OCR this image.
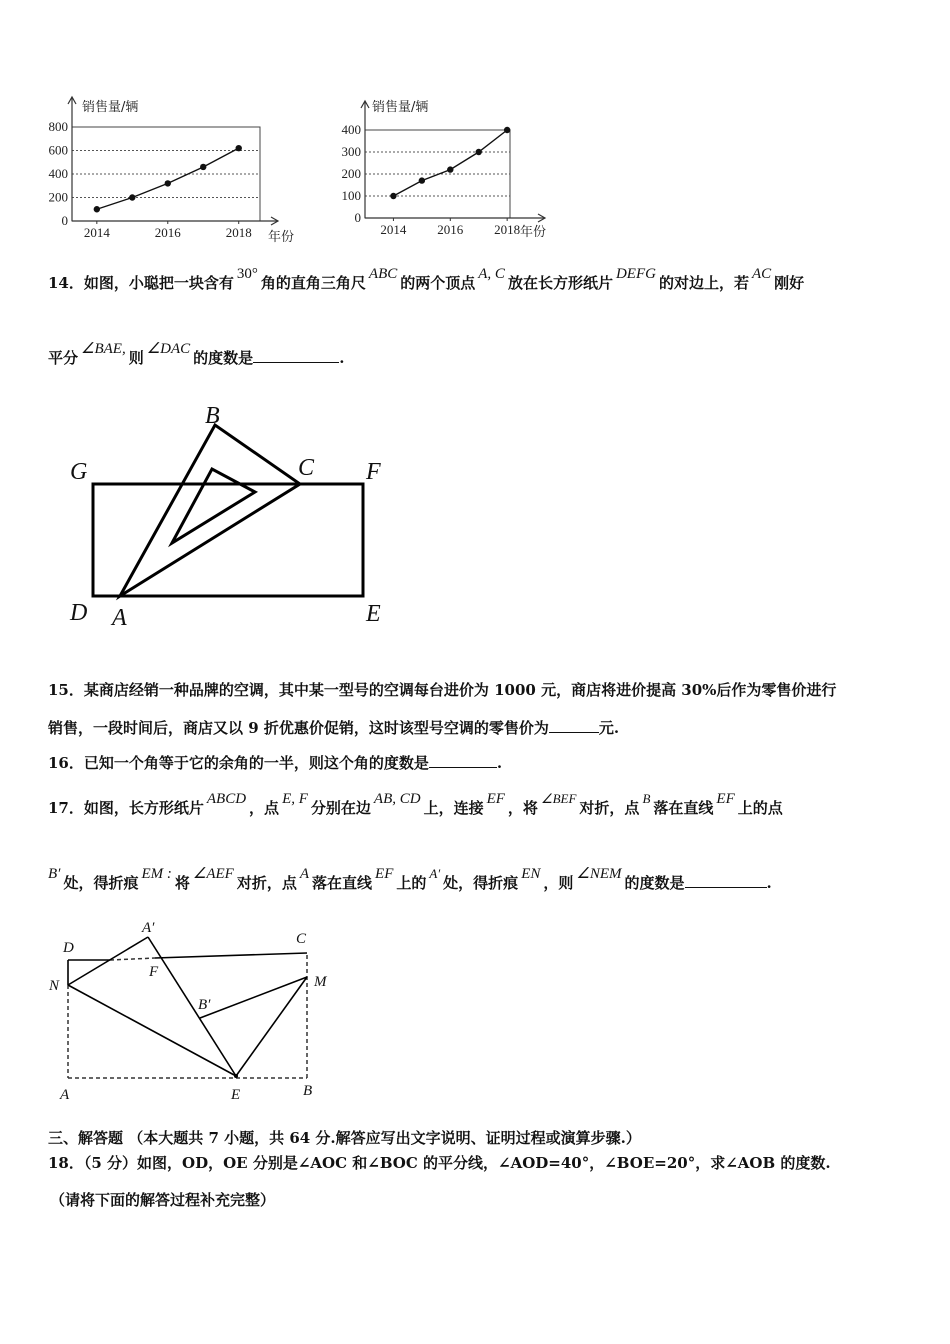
800
600
400
200
0
2014	2016	2018
销售量/辆
年份
400
300
200
100
0
2014 2016 2018
销售量/辆
年份
14．如图，小聪把一块含有 30° 角的直角三角尺 ABC 的两个顶点 A, C 放在长方形纸片 DEFG 的对边上，若 AC 刚好
平分 ∠BAE, 则 ∠DAC 的度数是	.
B
C F
G
D A	E
15．某商店经销一种品牌的空调，其中某一型号的空调每台进价为 1000 元，商店将进价提高 30%后作为零售价进行
销售，一段时间后，商店又以 9 折优惠价促销，这时该型号空调的零售价为	元.
16．已知一个角等于它的余角的一半，则这个角的度数是	.
17．如图，长方形纸片 ABCD ，点 E, F 分别在边 AB, CD 上，连接 EF ，将∠BEF对折，点B落在直线 EF 上的点
B′ 处，得折痕 EM : 将 ∠AEF 对折，点 A 落在直线 EF 上的A′处，得折痕 EN ，则 ∠NEM 的度数是	.
D
A′
C
N
F
M
B′
A	E	B
三、解答题 （本大题共 7 小题，共 64 分.解答应写出文字说明、证明过程或演算步骤.）
18．（5 分）如图，OD，OE 分别是∠AOC 和∠BOC 的平分线，∠AOD=40°，∠BOE=20°，求∠AOB 的度数.
（请将下面的解答过程补充完整）
